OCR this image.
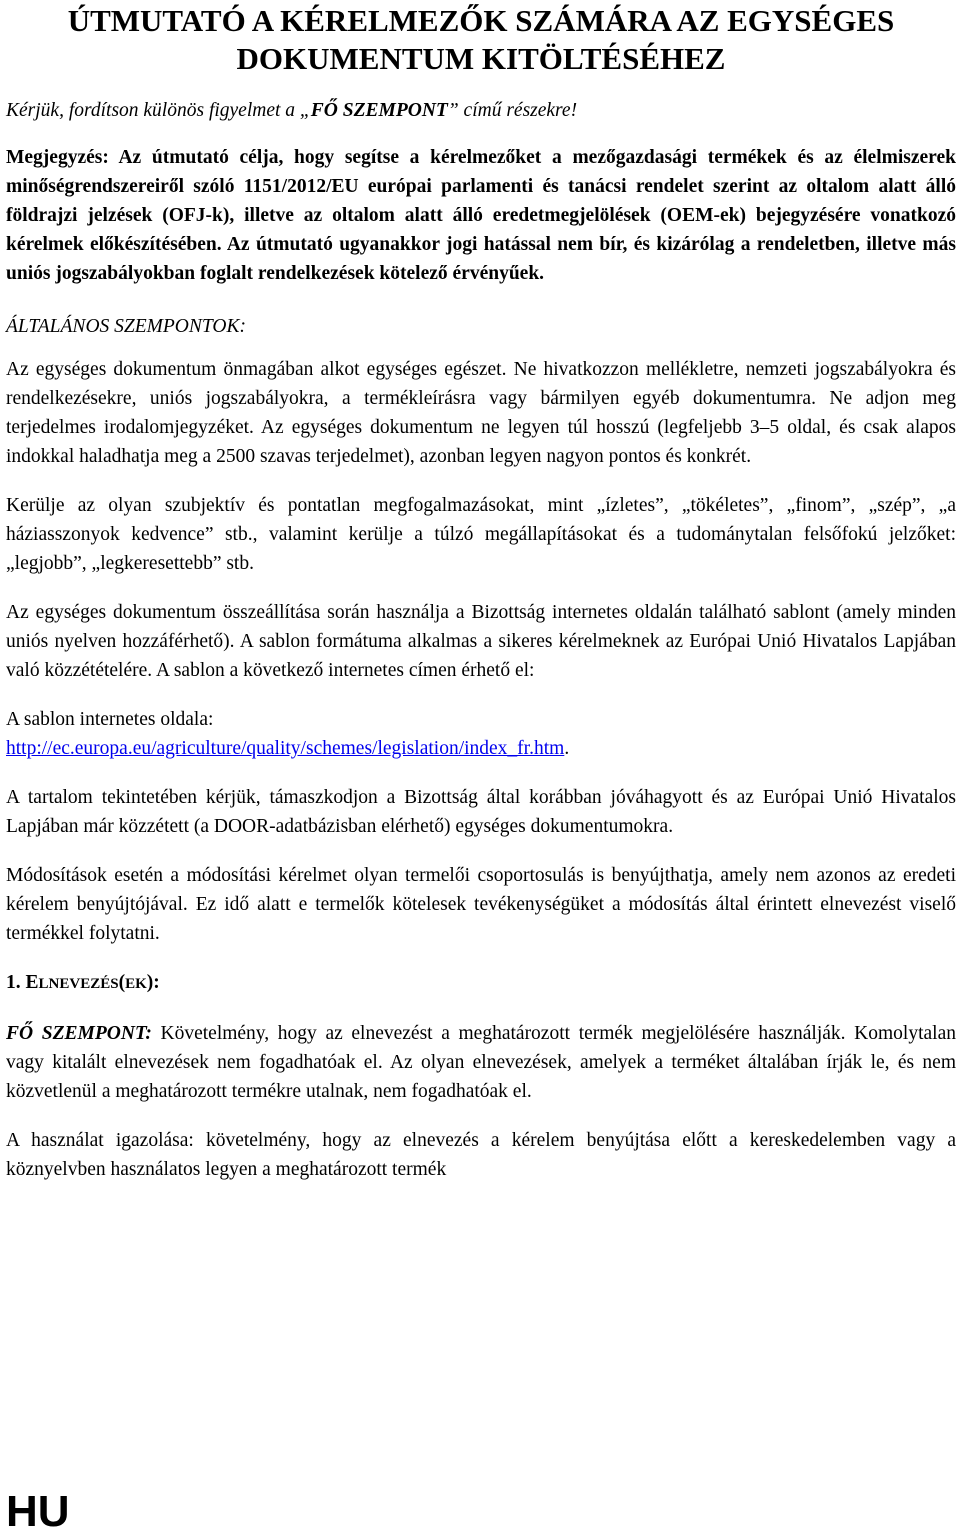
ÚTMUTATÓ A KÉRELMEZŐK SZÁMÁRA AZ EGYSÉGES
DOKUMENTUM KITÖLTÉSÉHEZ
Kérjük, fordítson különös figyelmet a „FŐ SZEMPONT” című részekre!

Megjegyzés: Az útmutató célja, hogy segítse a kérelmezőket a mezőgazdasági termékek és az élelmiszerek minőségrendszereiről szóló 1151/2012/EU európai parlamenti és tanácsi rendelet szerint az oltalom alatt álló földrajzi jelzések (OFJ-k), illetve az oltalom alatt álló eredetmegjelölések (OEM-ek) bejegyzésére vonatkozó kérelmek előkészítésében. Az útmutató ugyanakkor jogi hatással nem bír, és kizárólag a rendeletben, illetve más uniós jogszabályokban foglalt rendelkezések kötelező érvényűek.

ÁLTALÁNOS SZEMPONTOK:

Az egységes dokumentum önmagában alkot egységes egészet. Ne hivatkozzon mellékletre, nemzeti jogszabályokra és rendelkezésekre, uniós jogszabályokra, a termékleírásra vagy bármilyen egyéb dokumentumra. Ne adjon meg terjedelmes irodalomjegyzéket. Az egységes dokumentum ne legyen túl hosszú (legfeljebb 3–5 oldal, és csak alapos indokkal haladhatja meg a 2500 szavas terjedelmet), azonban legyen nagyon pontos és konkrét.

Kerülje az olyan szubjektív és pontatlan megfogalmazásokat, mint „ízletes”, „tökéletes”, „finom”, „szép”, „a háziasszonyok kedvence” stb., valamint kerülje a túlzó megállapításokat és a tudománytalan felsőfokú jelzőket: „legjobb”, „legkeresettebb” stb.

Az egységes dokumentum összeállítása során használja a Bizottság internetes oldalán található sablont (amely minden uniós nyelven hozzáférhető). A sablon formátuma alkalmas a sikeres kérelmeknek az Európai Unió Hivatalos Lapjában való közzétételére. A sablon a következő internetes címen érhető el:

A sablon internetes oldala:

http://ec.europa.eu/agriculture/quality/schemes/legislation/index_fr.htm.

A tartalom tekintetében kérjük, támaszkodjon a Bizottság által korábban jóváhagyott és az Európai Unió Hivatalos Lapjában már közzétett (a DOOR-adatbázisban elérhető) egységes dokumentumokra.

Módosítások esetén a módosítási kérelmet olyan termelői csoportosulás is benyújthatja, amely nem azonos az eredeti kérelem benyújtójával. Ez idő alatt e termelők kötelesek tevékenységüket a módosítás által érintett elnevezést viselő termékkel folytatni.

1. ELNEVEZÉS(EK):

FŐ SZEMPONT: Követelmény, hogy az elnevezést a meghatározott termék megjelölésére használják. Komolytalan vagy kitalált elnevezések nem fogadhatóak el. Az olyan elnevezések, amelyek a terméket általában írják le, és nem közvetlenül a meghatározott termékre utalnak, nem fogadhatóak el.

A használat igazolása: követelmény, hogy az elnevezés a kérelem benyújtása előtt a kereskedelemben vagy a köznyelvben használatos legyen a meghatározott termék

HU
